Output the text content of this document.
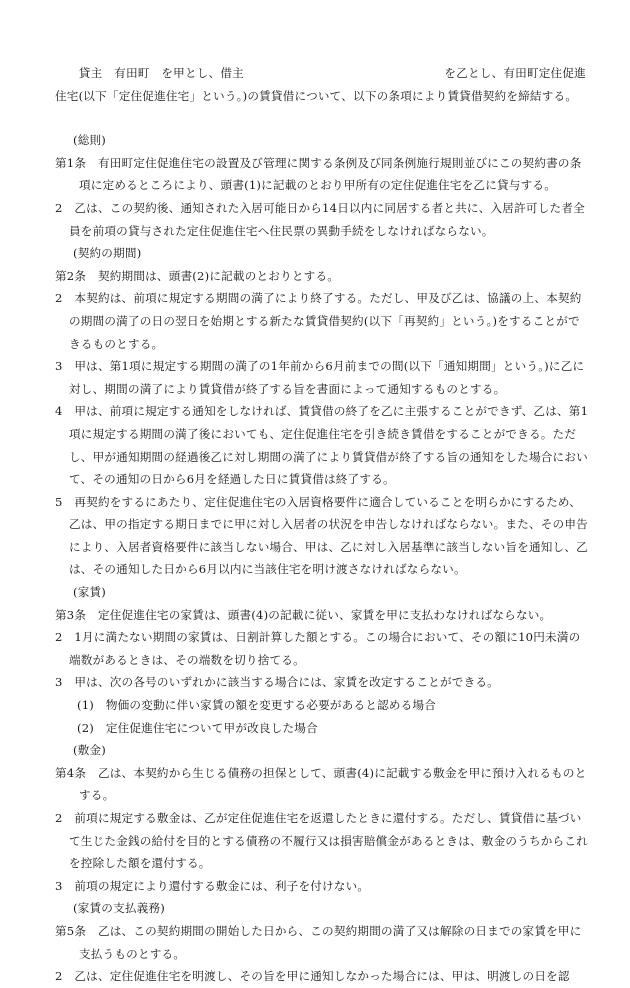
　貸主　有田町　を甲とし、借主　　　　　　　　　　　　　　　　　を乙とし、有田町定住促進住宅(以下「定住促進住宅」という。)の賃貸借について、以下の条項により賃貸借契約を締結する。

(総則)

第1条　有田町定住促進住宅の設置及び管理に関する条例及び同条例施行規則並びにこの契約書の条項に定めるところにより、頭書(1)に記載のとおり甲所有の定住促進住宅を乙に貸与する。

2　乙は、この契約後、通知された入居可能日から14日以内に同居する者と共に、入居許可した者全員を前項の貸与された定住促進住宅へ住民票の異動手続をしなければならない。

(契約の期間)

第2条　契約期間は、頭書(2)に記載のとおりとする。

2　本契約は、前項に規定する期間の満了により終了する。ただし、甲及び乙は、協議の上、本契約の期間の満了の日の翌日を始期とする新たな賃貸借契約(以下「再契約」という。)をすることができるものとする。

3　甲は、第1項に規定する期間の満了の1年前から6月前までの間(以下「通知期間」という。)に乙に対し、期間の満了により賃貸借が終了する旨を書面によって通知するものとする。

4　甲は、前項に規定する通知をしなければ、賃貸借の終了を乙に主張することができず、乙は、第1項に規定する期間の満了後においても、定住促進住宅を引き続き賃借をすることができる。ただし、甲が通知期間の経過後乙に対し期間の満了により賃貸借が終了する旨の通知をした場合において、その通知の日から6月を経過した日に賃貸借は終了する。

5　再契約をするにあたり、定住促進住宅の入居資格要件に適合していることを明らかにするため、乙は、甲の指定する期日までに甲に対し入居者の状況を申告しなければならない。また、その申告により、入居者資格要件に該当しない場合、甲は、乙に対し入居基準に該当しない旨を通知し、乙は、その通知した日から6月以内に当該住宅を明け渡さなければならない。

(家賃)

第3条　定住促進住宅の家賃は、頭書(4)の記載に従い、家賃を甲に支払わなければならない。

2　1月に満たない期間の家賃は、日割計算した額とする。この場合において、その額に10円未満の端数があるときは、その端数を切り捨てる。

3　甲は、次の各号のいずれかに該当する場合には、家賃を改定することができる。

(1)　物価の変動に伴い家賃の額を変更する必要があると認める場合

(2)　定住促進住宅について甲が改良した場合

(敷金)

第4条　乙は、本契約から生じる債務の担保として、頭書(4)に記載する敷金を甲に預け入れるものとする。

2　前項に規定する敷金は、乙が定住促進住宅を返還したときに還付する。ただし、賃貸借に基づいて生じた金銭の給付を目的とする債務の不履行又は損害賠償金があるときは、敷金のうちからこれを控除した額を還付する。

3　前項の規定により還付する敷金には、利子を付けない。

(家賃の支払義務)

第5条　乙は、この契約期間の開始した日から、この契約期間の満了又は解除の日までの家賃を甲に支払うものとする。

2　乙は、定住促進住宅を明渡し、その旨を甲に通知しなかった場合には、甲は、明渡しの日を認
